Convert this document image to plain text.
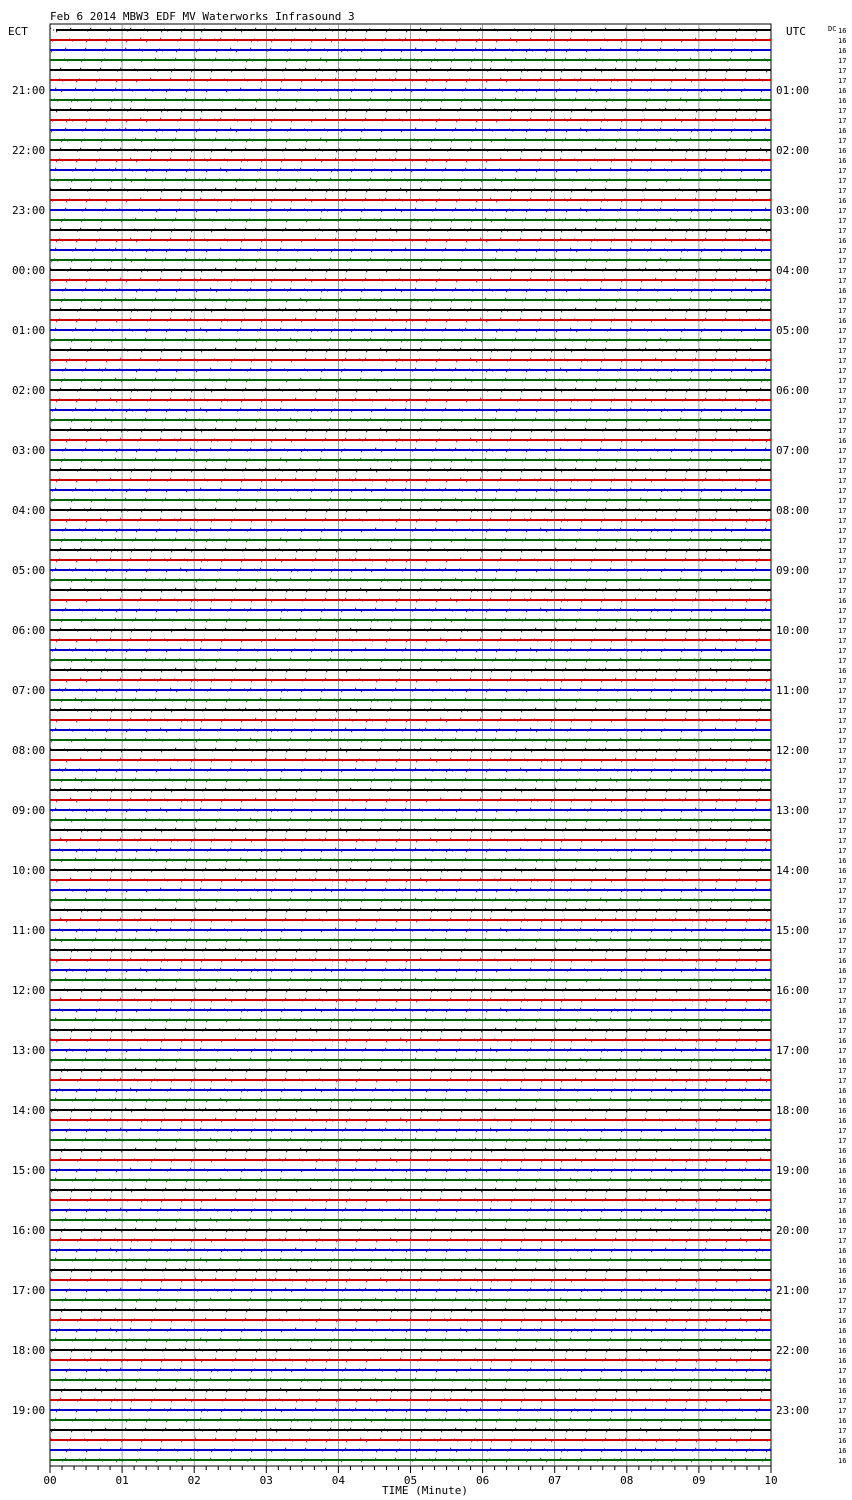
Feb 6 2014 MBW3 EDF MV Waterworks Infrasound 3
ECT	UTC	DC
21:00
22:00
23:00
00:00
01:00
02:00
03:00
04:00
05:00
06:00
07:00
08:00
09:00
10:00
11:00
12:00
13:00
14:00
15:00
16:00
17:00
18:00
19:00
01:00
02:00
03:00
04:00
05:00
06:00
07:00
08:00
09:00
10:00
11:00
12:00
13:00
14:00
15:00
16:00
17:00
18:00
19:00
20:00
21:00
22:00
23:00
16
16
16
17
17
17
16
16
17
17
16
17
16
16
17
17
17
16
17
17
17
16
17
17
17
17
16
17
17
16
17
17
17
17
17
17
17
17
17
17
17
16
17
17
17
17
17
17
17
17
17
17
17
17
17
17
17
16
17
17
17
17
17
17
16
17
17
17
17
17
17
17
17
17
17
17
17
17
17
17
17
17
17
16
16
17
17
17
17
16
17
17
17
16
16
17
17
17
16
17
17
16
17
16
17
17
16
16
16
16
17
17
16
16
16
16
16
17
16
16
17
17
16
16
16
16
17
17
17
16
16
16
16
16
17
16
16
17
17
16
17
16
16
16
00	01	02	03	04	05	06	07	08	09	10
TIME (Minute)
